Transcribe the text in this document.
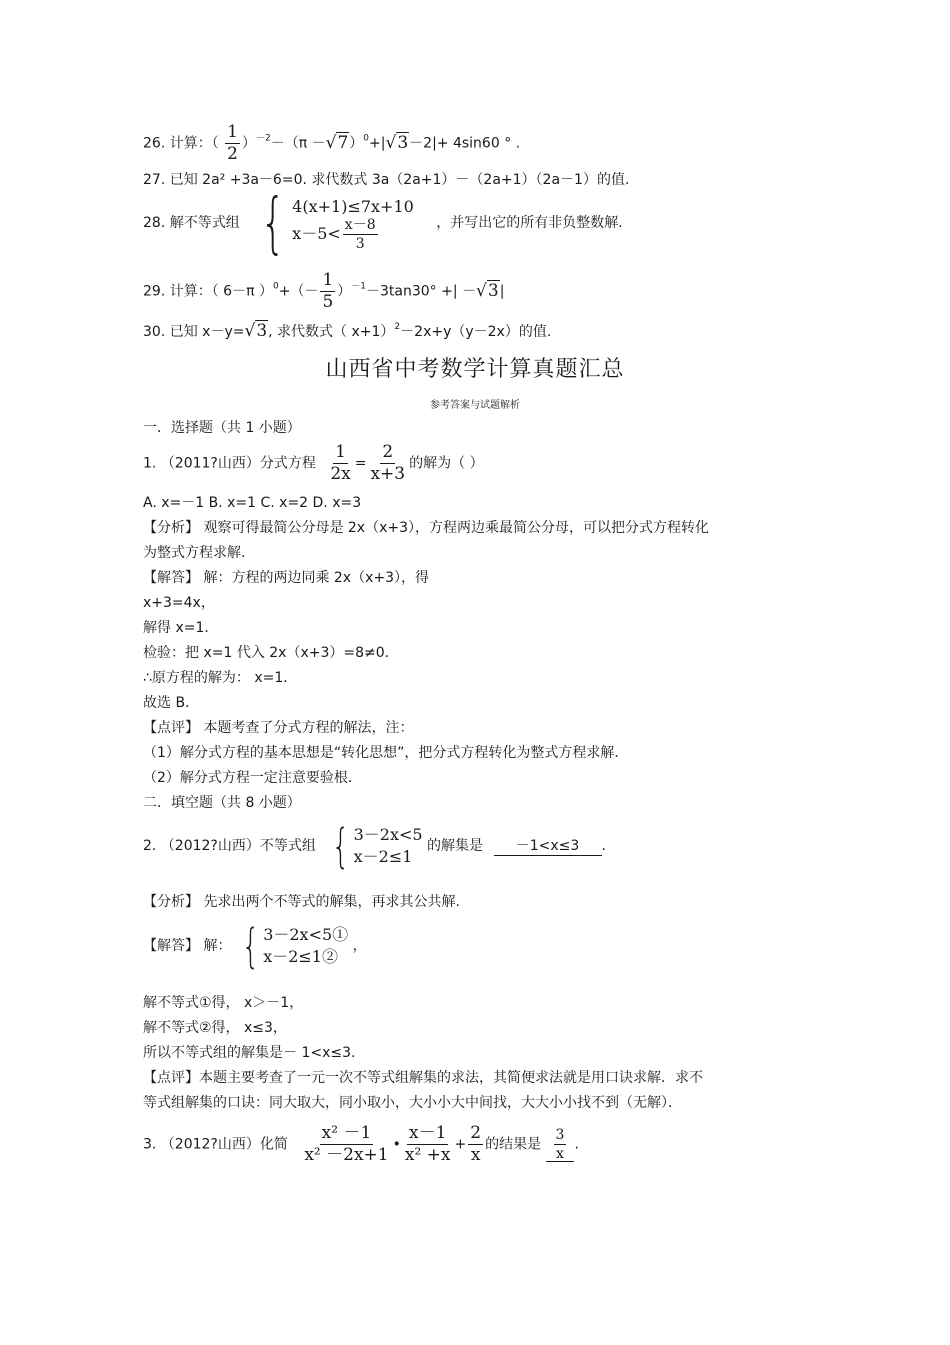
26. 计算：（ $\frac{1}{2} )^{-2}-(\pi -√7)^0+|√3-2|+ 4\sin 60$ ° .
27. 已知 2a² +3a－6=0. 求代数式 3a（2a+1）－（2a+1）（2a－1）的值.
28. 解不等式组 { 4(x+1)≤7x+10
$x-5< \frac{x-8}{3}$	，并写出它的所有非负整数解.
29. 计算：（ 6－π ）$^0+(- \frac{1}{5} )^{-1}-3\tan 30^\circ$ +| －√3|
30. 已知 x－y=√3, 求代数式（ x+1）$^2$－2x+y（y－2x）的值.
山西省中考数学计算真题汇总
参考答案与试题解析
一．选择题（共 1 小题）
1. （2011?山西）分式方程 $\frac{1}{2x} = \frac{2}{x+3}$ 的解为（ ）
A. x=－1 B. x=1 C. x=2 D. x=3
【分析】 观察可得最简公分母是 2x（x+3），方程两边乘最简公分母，可以把分式方程转化
为整式方程求解.
【解答】 解：方程的两边同乘 2x（x+3），得
x+3=4x，
解得 x=1．
检验：把 x=1 代入 2x（x+3）=8≠0．
∴原方程的解为： x=1．
故选 B．
【点评】 本题考查了分式方程的解法，注：
（1）解分式方程的基本思想是“转化思想”，把分式方程转化为整式方程求解．
（2）解分式方程一定注意要验根．
二．填空题（共 8 小题）
2. （2012?山西）不等式组 { 3－2x<5
x－2≤1
的解集是 －1<x≤3 .
【分析】 先求出两个不等式的解集，再求其公共解.
【解答】 解： { 3－2x<5①
x－2≤1②
，
解不等式①得， x＞－1，
解不等式②得， x≤3，
所以不等式组的解集是－ 1<x≤3.
【点评】本题主要考查了一元一次不等式组解集的求法，其简便求法就是用口诀求解．求不
等式组解集的口诀：同大取大，同小取小，大小小大中间找，大大小小找不到（无解）．
3. （2012?山西）化简 $\frac{\text{x² －1}}{\text{x² －2x+1}}$ • $\frac{x-1}{\text{x² +x}} + \frac{2}{x}$ 的结果是 $\frac{3}{x}$ .
